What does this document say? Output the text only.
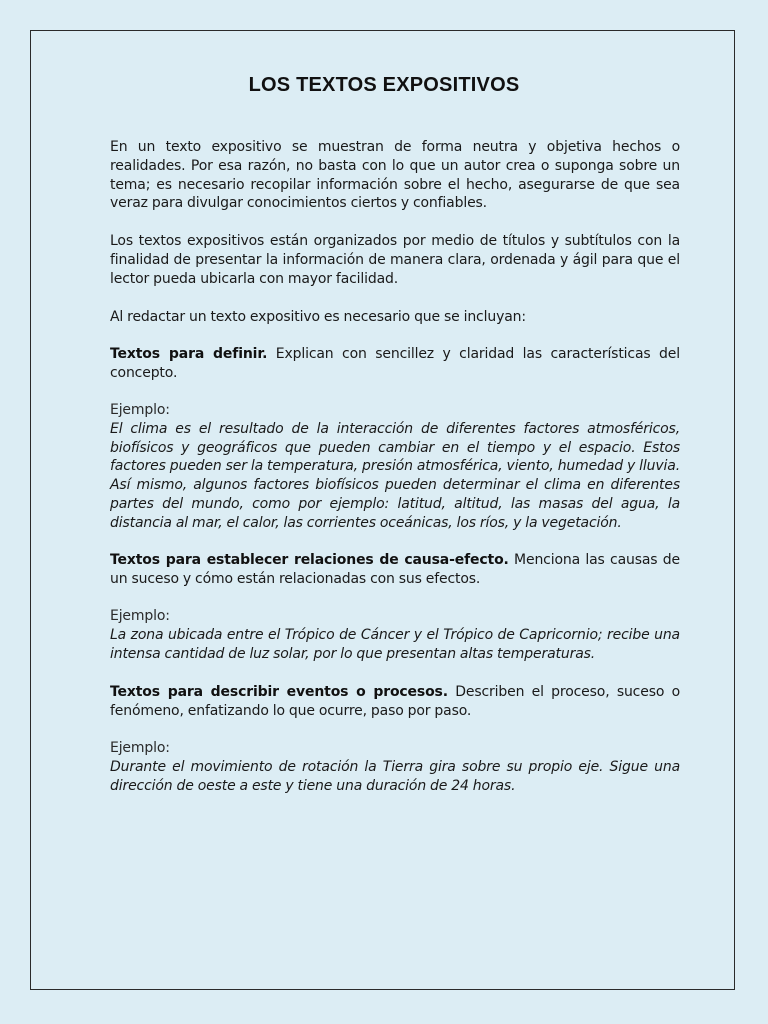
LOS TEXTOS EXPOSITIVOS
En un texto expositivo se muestran de forma neutra y objetiva hechos o realidades. Por esa razón, no basta con lo que un autor crea o suponga sobre un tema; es necesario recopilar información sobre el hecho, asegurarse de que sea veraz para divulgar conocimientos ciertos y confiables.
Los textos expositivos están organizados por medio de títulos y subtítulos con la finalidad de presentar la información de manera clara, ordenada y ágil para que el lector pueda ubicarla con mayor facilidad.
Al redactar un texto expositivo es necesario que se incluyan:
Textos para definir. Explican con sencillez y claridad las características del concepto.
Ejemplo:
El clima es el resultado de la interacción de diferentes factores atmosféricos, biofísicos y geográficos que pueden cambiar en el tiempo y el espacio. Estos factores pueden ser la temperatura, presión atmosférica, viento, humedad y lluvia. Así mismo, algunos factores biofísicos pueden determinar el clima en diferentes partes del mundo, como por ejemplo: latitud, altitud, las masas del agua, la distancia al mar, el calor, las corrientes oceánicas, los ríos, y la vegetación.
Textos para establecer relaciones de causa-efecto. Menciona las causas de un suceso y cómo están relacionadas con sus efectos.
Ejemplo:
La zona ubicada entre el Trópico de Cáncer y el Trópico de Capricornio; recibe una intensa cantidad de luz solar, por lo que presentan altas temperaturas.
Textos para describir eventos o procesos. Describen el proceso, suceso o fenómeno, enfatizando lo que ocurre, paso por paso.
Ejemplo:
Durante el movimiento de rotación la Tierra gira sobre su propio eje. Sigue una dirección de oeste a este y tiene una duración de 24 horas.
